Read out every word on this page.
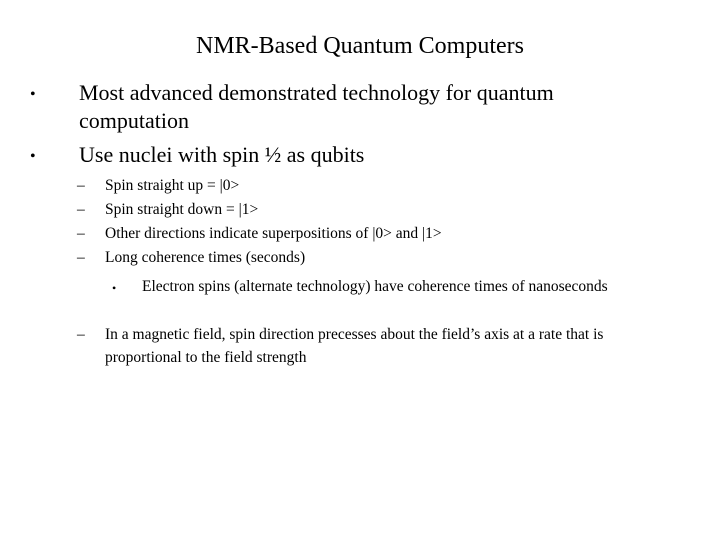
NMR-Based Quantum Computers
•	Most advanced demonstrated technology for quantum computation
•	Use nuclei with spin ½ as qubits
–	Spin straight up = |0>
–	Spin straight down = |1>
–	Other directions indicate superpositions of |0> and |1>
–	Long coherence times (seconds)
•	Electron spins (alternate technology) have coherence times of nanoseconds
–	In a magnetic field, spin direction precesses about the field’s axis at a rate that is proportional to the field strength
